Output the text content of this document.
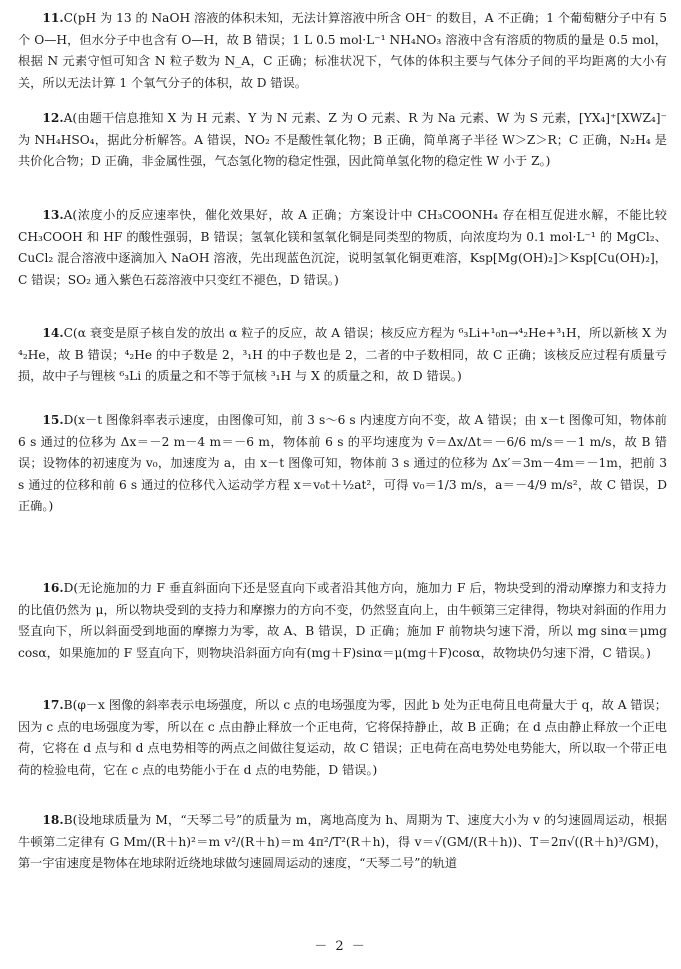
11.C(pH 为 13 的 NaOH 溶液的体积未知，无法计算溶液中所含 OH⁻ 的数目，A 不正确；1 个葡萄糖分子中有 5 个 O—H，但水分子中也含有 O—H，故 B 错误；1 L 0.5 mol·L⁻¹ NH₄NO₃ 溶液中含有溶质的物质的量是 0.5 mol，根据 N 元素守恒可知含 N 粒子数为 N_A，C 正确；标准状况下，气体的体积主要与气体分子间的平均距离的大小有关，所以无法计算 1 个氧气分子的体积，故 D 错误。

12.A(由题干信息推知 X 为 H 元素、Y 为 N 元素、Z 为 O 元素、R 为 Na 元素、W 为 S 元素，[YX₄]⁺[XWZ₄]⁻ 为 NH₄HSO₄，据此分析解答。A 错误，NO₂ 不是酸性氧化物；B 正确，简单离子半径 W＞Z＞R；C 正确，N₂H₄ 是共价化合物；D 正确，非金属性强，气态氢化物的稳定性强，因此简单氢化物的稳定性 W 小于 Z。)

13.A(浓度小的反应速率快，催化效果好，故 A 正确；方案设计中 CH₃COONH₄ 存在相互促进水解，不能比较 CH₃COOH 和 HF 的酸性强弱，B 错误；氢氧化镁和氢氧化铜是同类型的物质，向浓度均为 0.1 mol·L⁻¹ 的 MgCl₂、CuCl₂ 混合溶液中逐滴加入 NaOH 溶液，先出现蓝色沉淀，说明氢氧化铜更难溶，Ksp[Mg(OH)₂]＞Ksp[Cu(OH)₂]，C 错误；SO₂ 通入紫色石蕊溶液中只变红不褪色，D 错误。)

14.C(α 衰变是原子核自发的放出 α 粒子的反应，故 A 错误；核反应方程为 ⁶₃Li+¹₀n→⁴₂He+³₁H，所以新核 X 为 ⁴₂He，故 B 错误；⁴₂He 的中子数是 2，³₁H 的中子数也是 2，二者的中子数相同，故 C 正确；该核反应过程有质量亏损，故中子与锂核 ⁶₃Li 的质量之和不等于氚核 ³₁H 与 X 的质量之和，故 D 错误。)

15.D(x－t 图像斜率表示速度，由图像可知，前 3 s～6 s 内速度方向不变，故 A 错误；由 x－t 图像可知，物体前 6 s 通过的位移为 Δx＝－2 m－4 m＝－6 m，物体前 6 s 的平均速度为 v̄＝Δx/Δt＝－6/6 m/s＝－1 m/s，故 B 错误；设物体的初速度为 v₀，加速度为 a，由 x－t 图像可知，物体前 3 s 通过的位移为 Δx′＝3m－4m＝－1m，把前 3 s 通过的位移和前 6 s 通过的位移代入运动学方程 x＝v₀t＋½at²，可得 v₀＝1/3 m/s，a＝－4/9 m/s²，故 C 错误，D 正确。)

16.D(无论施加的力 F 垂直斜面向下还是竖直向下或者沿其他方向，施加力 F 后，物块受到的滑动摩擦力和支持力的比值仍然为 μ，所以物块受到的支持力和摩擦力的方向不变，仍然竖直向上，由牛顿第三定律得，物块对斜面的作用力竖直向下，所以斜面受到地面的摩擦力为零，故 A、B 错误，D 正确；施加 F 前物块匀速下滑，所以 mg sinα＝μmg cosα，如果施加的 F 竖直向下，则物块沿斜面方向有(mg＋F)sinα＝μ(mg＋F)cosα，故物块仍匀速下滑，C 错误。)

17.B(φ－x 图像的斜率表示电场强度，所以 c 点的电场强度为零，因此 b 处为正电荷且电荷量大于 q，故 A 错误；因为 c 点的电场强度为零，所以在 c 点由静止释放一个正电荷，它将保持静止，故 B 正确；在 d 点由静止释放一个正电荷，它将在 d 点与和 d 点电势相等的两点之间做往复运动，故 C 错误；正电荷在高电势处电势能大，所以取一个带正电荷的检验电荷，它在 c 点的电势能小于在 d 点的电势能，D 错误。)

18.B(设地球质量为 M，“天琴二号”的质量为 m，离地高度为 h、周期为 T、速度大小为 v 的匀速圆周运动，根据牛顿第二定律有 G Mm/(R＋h)²＝m v²/(R＋h)＝m 4π²/T²(R＋h)，得 v＝√(GM/(R＋h))、T＝2π√((R＋h)³/GM)，第一宇宙速度是物体在地球附近绕地球做匀速圆周运动的速度，“天琴二号”的轨道

－ 2 －
